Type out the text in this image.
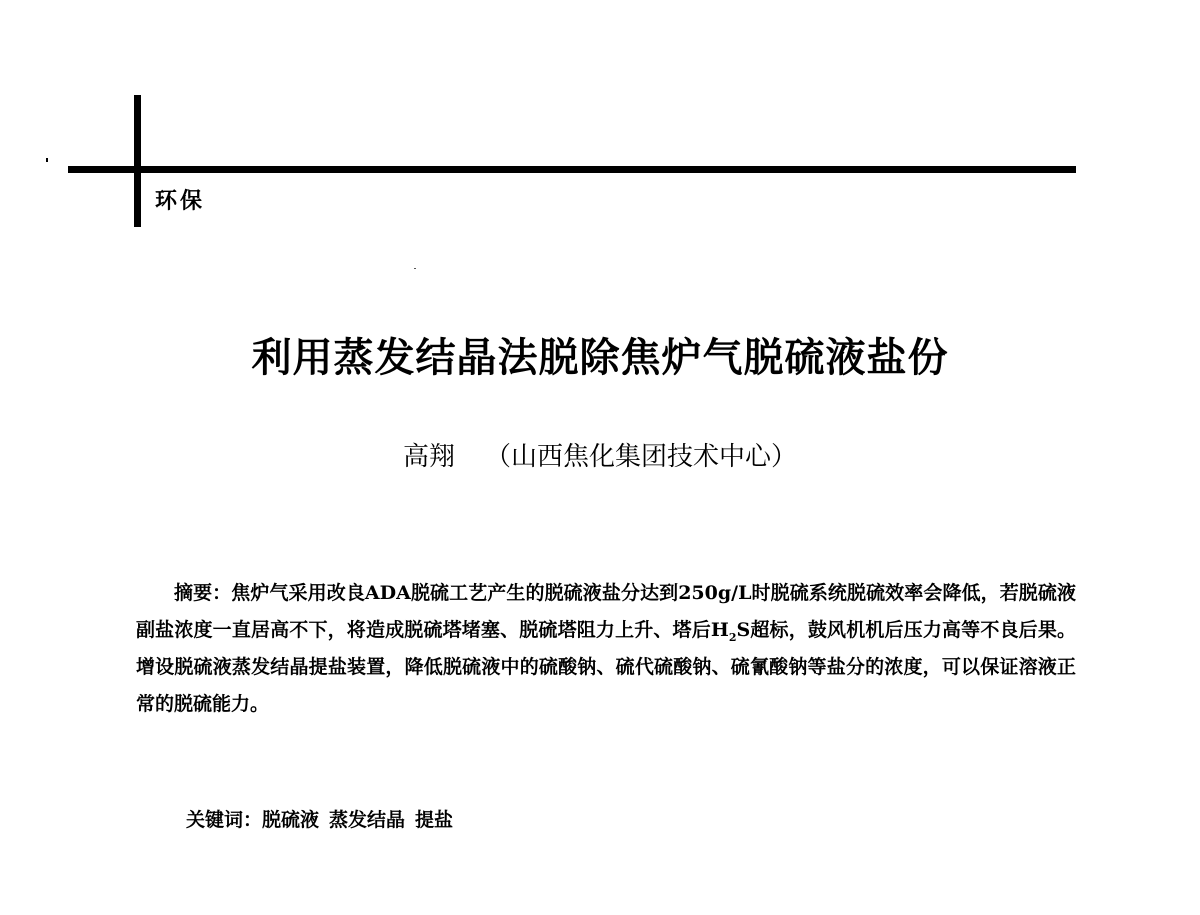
环保
利用蒸发结晶法脱除焦炉气脱硫液盐份
高翔 （山西焦化集团技术中心）
摘要：焦炉气采用改良ADA脱硫工艺产生的脱硫液盐分达到250g/L时脱硫系统脱硫效率会降低，若脱硫液副盐浓度一直居高不下，将造成脱硫塔堵塞、脱硫塔阻力上升、塔后$H_2S$超标，鼓风机机后压力高等不良后果。增设脱硫液蒸发结晶提盐装置，降低脱硫液中的硫酸钠、硫代硫酸钠、硫氰酸钠等盐分的浓度，可以保证溶液正常的脱硫能力。
关键词：脱硫液 蒸发结晶 提盐
